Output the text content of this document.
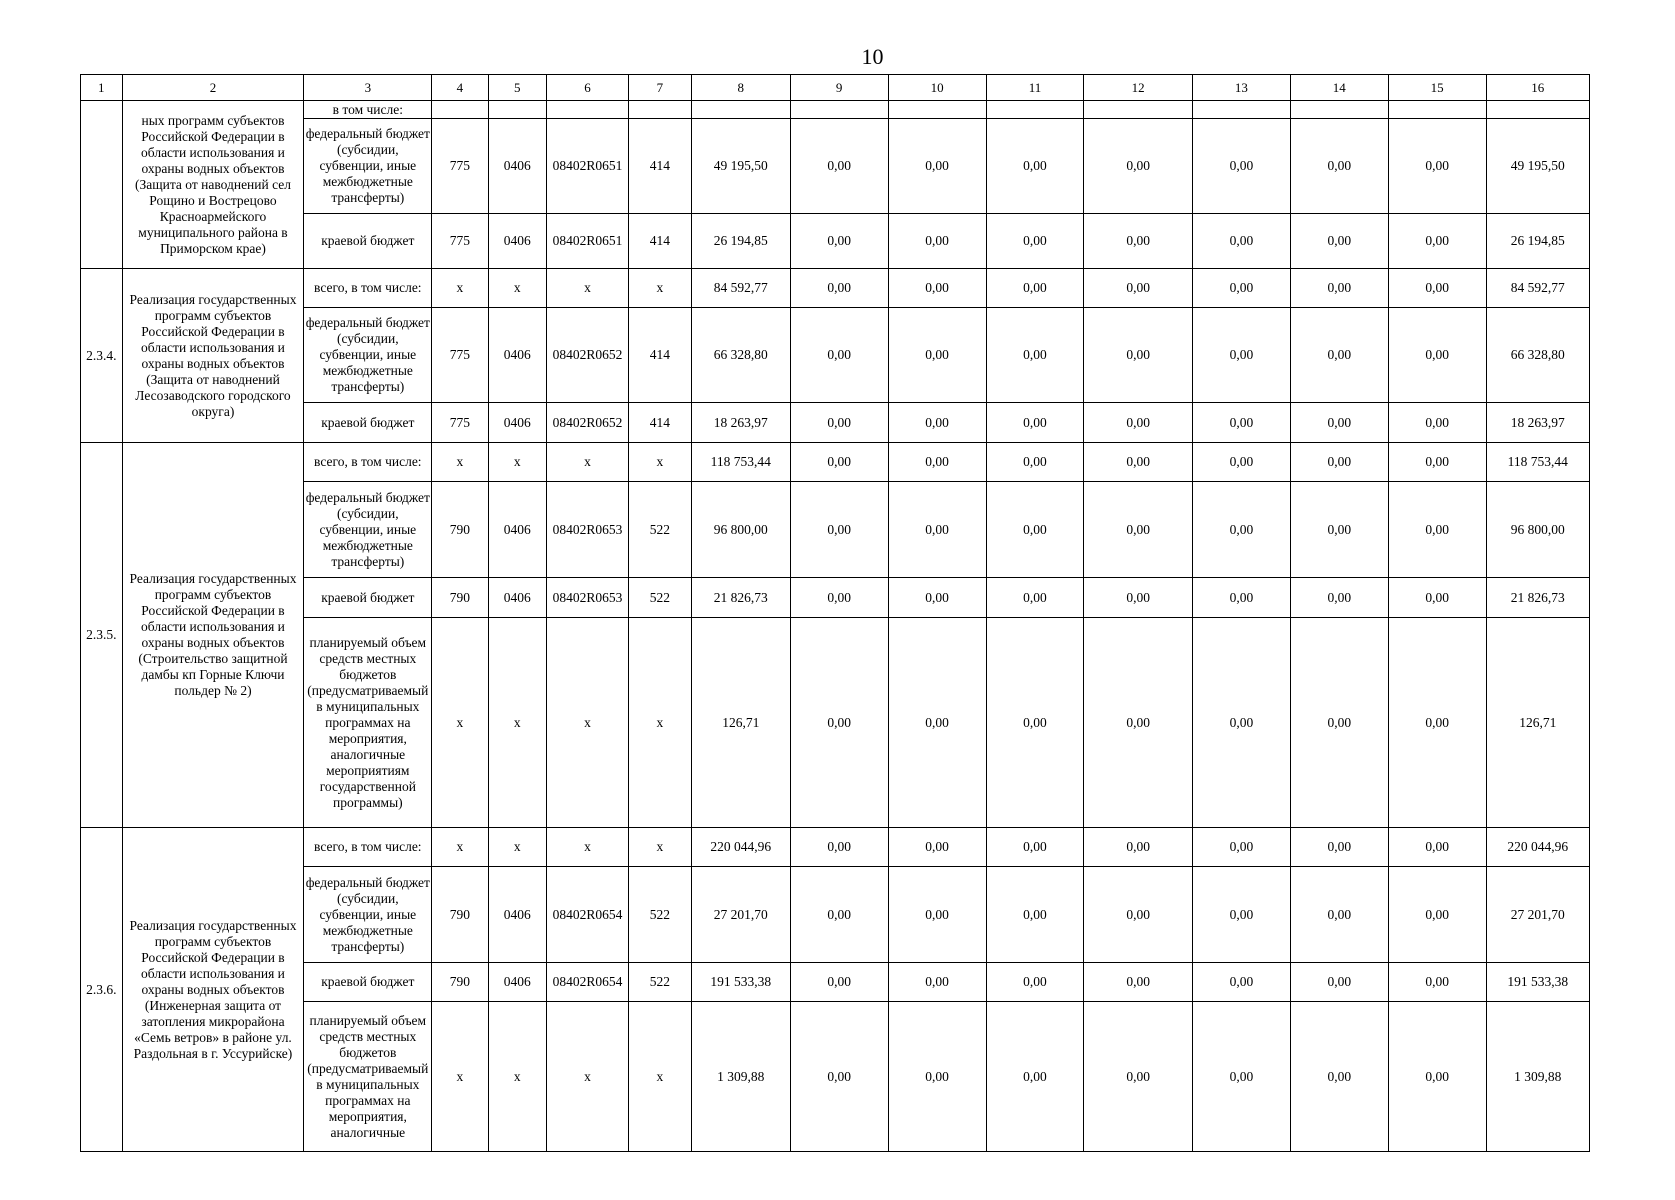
10
1	2	3	4	5	6	7	8	9	10	11	12	13	14	15	16
	ных программ субъектов Российской Федерации в области использования и охраны водных объектов (Защита от наводнений сел Рощино и Вострецово Красноармейского муниципального района в Приморском крае)	в том числе:													
		федеральный бюджет (субсидии, субвенции, иные межбюджетные трансферты)	775	0406	08402R0651	414	49 195,50	0,00	0,00	0,00	0,00	0,00	0,00	0,00	49 195,50
		краевой бюджет	775	0406	08402R0651	414	26 194,85	0,00	0,00	0,00	0,00	0,00	0,00	0,00	26 194,85
2.3.4.	Реализация государственных программ субъектов Российской Федерации в области использования и охраны водных объектов (Защита от наводнений Лесозаводского городского округа)	всего, в том числе:	x	x	x	x	84 592,77	0,00	0,00	0,00	0,00	0,00	0,00	0,00	84 592,77
		федеральный бюджет (субсидии, субвенции, иные межбюджетные трансферты)	775	0406	08402R0652	414	66 328,80	0,00	0,00	0,00	0,00	0,00	0,00	0,00	66 328,80
		краевой бюджет	775	0406	08402R0652	414	18 263,97	0,00	0,00	0,00	0,00	0,00	0,00	0,00	18 263,97
2.3.5.	Реализация государственных программ субъектов Российской Федерации в области использования и охраны водных объектов (Строительство защитной дамбы кп Горные Ключи польдер № 2)	всего, в том числе:	x	x	x	x	118 753,44	0,00	0,00	0,00	0,00	0,00	0,00	0,00	118 753,44
		федеральный бюджет (субсидии, субвенции, иные межбюджетные трансферты)	790	0406	08402R0653	522	96 800,00	0,00	0,00	0,00	0,00	0,00	0,00	0,00	96 800,00
		краевой бюджет	790	0406	08402R0653	522	21 826,73	0,00	0,00	0,00	0,00	0,00	0,00	0,00	21 826,73
		планируемый объем средств местных бюджетов (предусматриваемый в муниципальных программах на мероприятия, аналогичные мероприятиям государственной программы)	x	x	x	x	126,71	0,00	0,00	0,00	0,00	0,00	0,00	0,00	126,71
2.3.6.	Реализация государственных программ субъектов Российской Федерации в области использования и охраны водных объектов (Инженерная защита от затопления микрорайона «Семь ветров» в районе ул. Раздольная в г. Уссурийске)	всего, в том числе:	x	x	x	x	220 044,96	0,00	0,00	0,00	0,00	0,00	0,00	0,00	220 044,96
		федеральный бюджет (субсидии, субвенции, иные межбюджетные трансферты)	790	0406	08402R0654	522	27 201,70	0,00	0,00	0,00	0,00	0,00	0,00	0,00	27 201,70
		краевой бюджет	790	0406	08402R0654	522	191 533,38	0,00	0,00	0,00	0,00	0,00	0,00	0,00	191 533,38
		планируемый объем средств местных бюджетов (предусматриваемый в муниципальных программах на мероприятия, аналогичные	x	x	x	x	1 309,88	0,00	0,00	0,00	0,00	0,00	0,00	0,00	1 309,88
